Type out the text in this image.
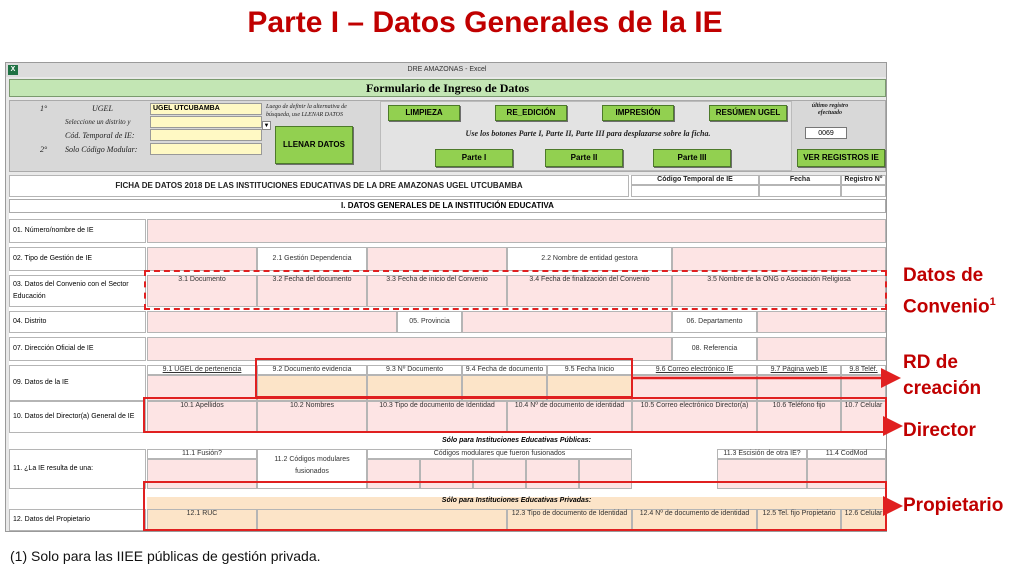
Parte I – Datos Generales de la IE
DRE AMAZONAS - Excel
X
Formulario de Ingreso de Datos
1°	UGEL
Seleccione un distrito y
Cód. Temporal de IE:
2° Solo Código Modular:
UGEL UTCUBAMBA
▼
Luego de definir la alternativa de búsqueda, use LLENAR DATOS
LLENAR DATOS
LIMPIEZA	RE_EDICIÓN	IMPRESIÓN	RESÚMEN UGEL
Use los botones Parte I, Parte II, Parte III para desplazarse sobre la ficha.
Parte I	Parte II	Parte III
último registro efectuado
0069
VER REGISTROS IE
FICHA DE DATOS 2018 DE LAS INSTITUCIONES EDUCATIVAS DE LA DRE AMAZONAS UGEL UTCUBAMBA
Código Temporal de IE	Fecha	Registro N°
I. DATOS GENERALES DE LA INSTITUCIÓN EDUCATIVA
01. Número/nombre de IE
02. Tipo de Gestión de IE	2.1 Gestión Dependencia	2.2 Nombre de entidad gestora
03. Datos del Convenio con el Sector Educación
3.1 Documento	3.2 Fecha del documento	3.3 Fecha de inicio del Convenio	3.4 Fecha de finalización del Convenio	3.5 Nombre de la ONG o Asociación Religiosa
04. Distrito	05. Provincia	06. Departamento
07. Dirección Oficial de IE	08. Referencia
09. Datos de la IE
9.1 UGEL de pertenencia	9.2 Documento evidencia	9.3 Nº Documento	9.4 Fecha de documento	9.5 Fecha Inicio	9.6 Correo electrónico IE	9.7 Página web IE	9.8 Teléf.
10. Datos del Director(a) General de IE
10.1 Apellidos	10.2 Nombres	10.3 Tipo de documento de Identidad	10.4 Nº de documento de identidad	10.5 Correo electrónico Director(a)	10.6 Teléfono fijo	10.7 Celular
Sólo para Instituciones Educativas Públicas:
11. ¿La IE resulta de una:
11.1 Fusión?
11.2 Códigos modulares fusionados
Códigos modulares que fueron fusionados	11.3 Escisión de otra IE?	11.4 CodMod
Sólo para Instituciones Educativas Privadas:
12. Datos del Propietario
12.1 RUC	12.3 Tipo de documento de Identidad	12.4 Nº de documento de identidad	12.5 Tel. fijo Propietario	12.6 Celular
Datos de
Convenio$^1$
RD de
creación
Director
Propietario
(1) Solo para las IIEE públicas de gestión privada.
